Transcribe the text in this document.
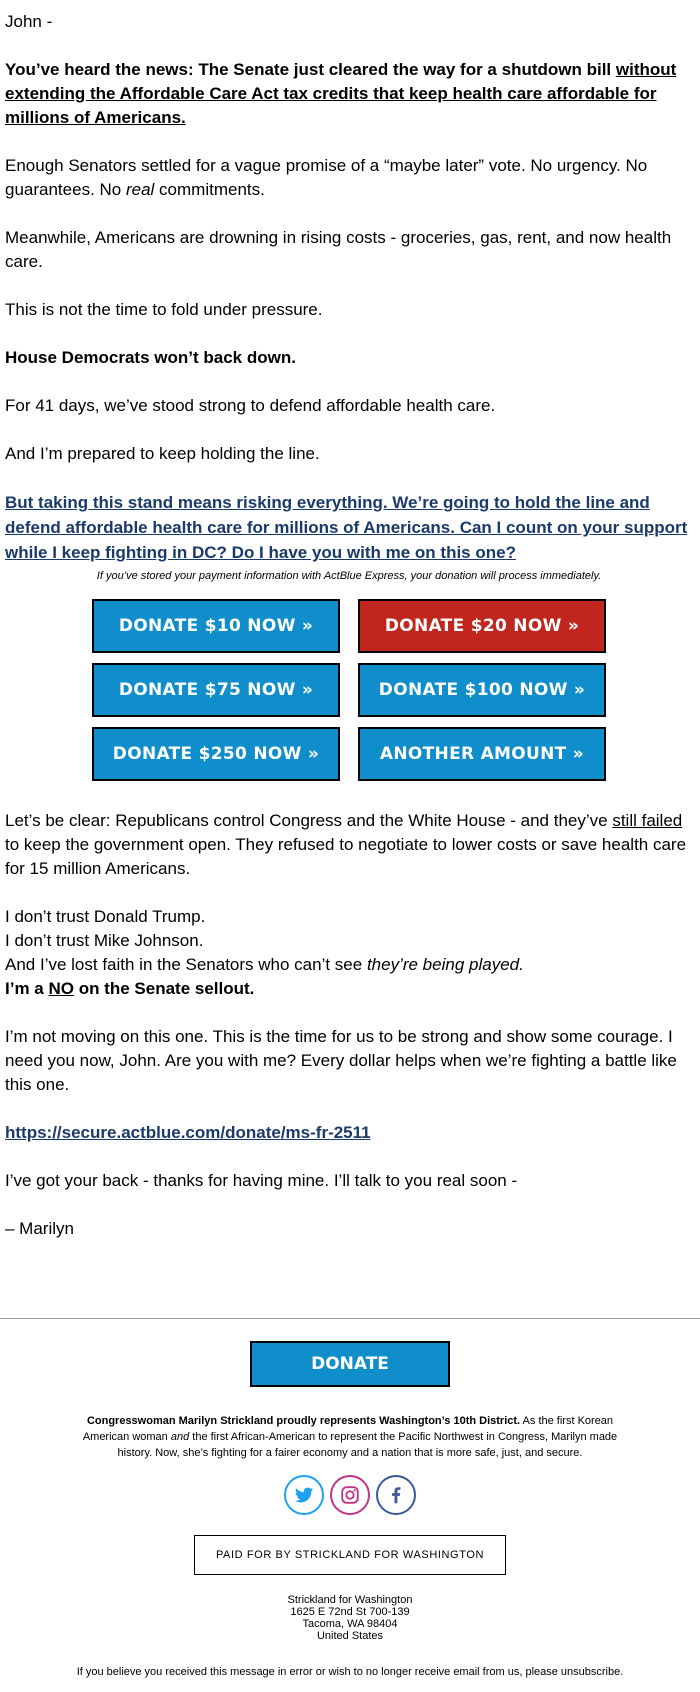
John -

You’ve heard the news: The Senate just cleared the way for a shutdown bill without extending the Affordable Care Act tax credits that keep health care affordable for millions of Americans.

Enough Senators settled for a vague promise of a “maybe later” vote. No urgency. No guarantees. No real commitments.

Meanwhile, Americans are drowning in rising costs - groceries, gas, rent, and now health care.

This is not the time to fold under pressure.

House Democrats won’t back down.

For 41 days, we’ve stood strong to defend affordable health care.

And I’m prepared to keep holding the line.

But taking this stand means risking everything. We’re going to hold the line and defend affordable health care for millions of Americans. Can I count on your support while I keep fighting in DC? Do I have you with me on this one?

If you’ve stored your payment information with ActBlue Express, your donation will process immediately.

DONATE $10 NOW »	DONATE $20 NOW »
DONATE $75 NOW »	DONATE $100 NOW »
DONATE $250 NOW »	ANOTHER AMOUNT »

Let’s be clear: Republicans control Congress and the White House - and they’ve still failed to keep the government open. They refused to negotiate to lower costs or save health care for 15 million Americans.

I don’t trust Donald Trump.

I don’t trust Mike Johnson.

And I’ve lost faith in the Senators who can’t see they’re being played.

I’m a NO on the Senate sellout.

I’m not moving on this one. This is the time for us to be strong and show some courage. I need you now, John. Are you with me? Every dollar helps when we’re fighting a battle like this one.

https://secure.actblue.com/donate/ms-fr-2511

I’ve got your back - thanks for having mine. I’ll talk to you real soon -

– Marilyn

DONATE
Congresswoman Marilyn Strickland proudly represents Washington’s 10th District. As the first Korean American woman and the first African-American to represent the Pacific Northwest in Congress, Marilyn made history. Now, she’s fighting for a fairer economy and a nation that is more safe, just, and secure.
PAID FOR BY STRICKLAND FOR WASHINGTON
Strickland for Washington
1625 E 72nd St 700-139
Tacoma, WA 98404
United States
If you believe you received this message in error or wish to no longer receive email from us, please unsubscribe.
